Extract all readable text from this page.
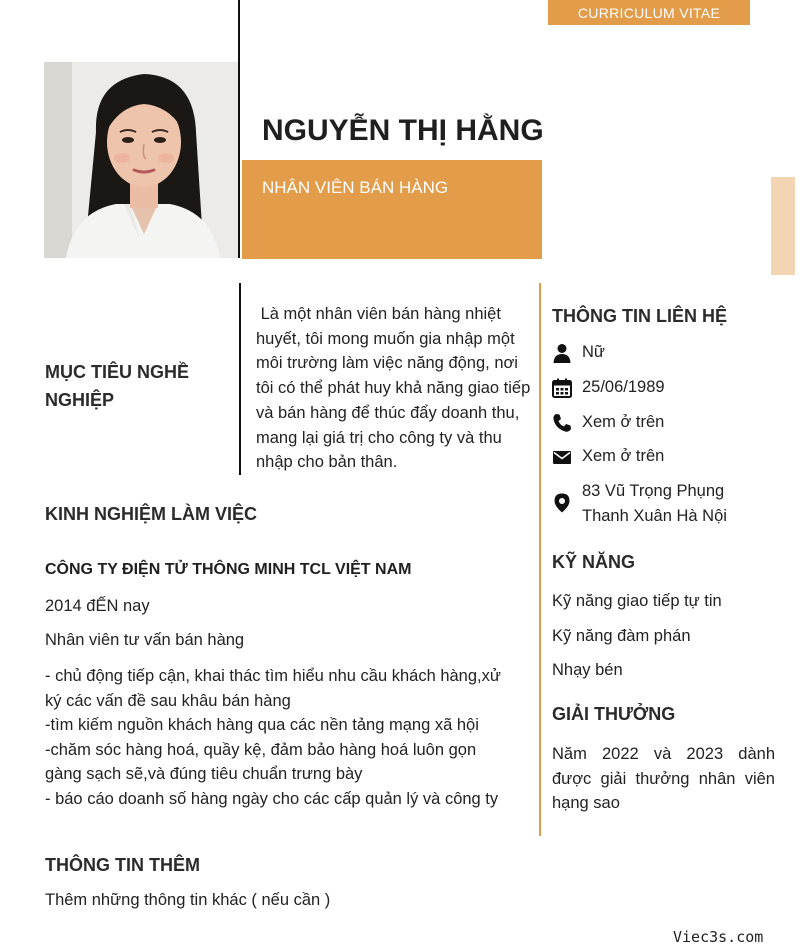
CURRICULUM VITAE
NGUYỄN THỊ HẰNG
NHÂN VIÊN BÁN HÀNG
MỤC TIÊU NGHỀ NGHIỆP
Là một nhân viên bán hàng nhiệt huyết, tôi mong muốn gia nhập một môi trường làm việc năng động, nơi tôi có thể phát huy khả năng giao tiếp và bán hàng để thúc đẩy doanh thu, mang lại giá trị cho công ty và thu nhập cho bản thân.
KINH NGHIỆM LÀM VIỆC
CÔNG TY ĐIỆN TỬ THÔNG MINH TCL VIỆT NAM
2014 đẾN nay
Nhân viên tư vấn bán hàng
- chủ động tiếp cận, khai thác tìm hiểu nhu cầu khách hàng,xử ký các vấn đề sau khâu bán hàng
-tìm kiếm nguồn khách hàng qua các nền tảng mạng xã hội
-chăm sóc hàng hoá, quầy kệ, đảm bảo hàng hoá luôn gọn gàng sạch sẽ,và đúng tiêu chuẩn trưng bày
- báo cáo doanh số hàng ngày cho các cấp quản lý và công ty
THÔNG TIN THÊM
Thêm những thông tin khác ( nếu cần )
THÔNG TIN LIÊN HỆ
Nữ
25/06/1989
Xem ở trên
Xem ở trên
83 Vũ Trọng Phụng
Thanh Xuân Hà Nội
KỸ NĂNG
Kỹ năng giao tiếp tự tin
Kỹ năng đàm phán
Nhạy bén
GIẢI THƯỞNG
Năm 2022 và 2023 dành được giải thưởng nhân viên hạng sao
Viec3s.com
